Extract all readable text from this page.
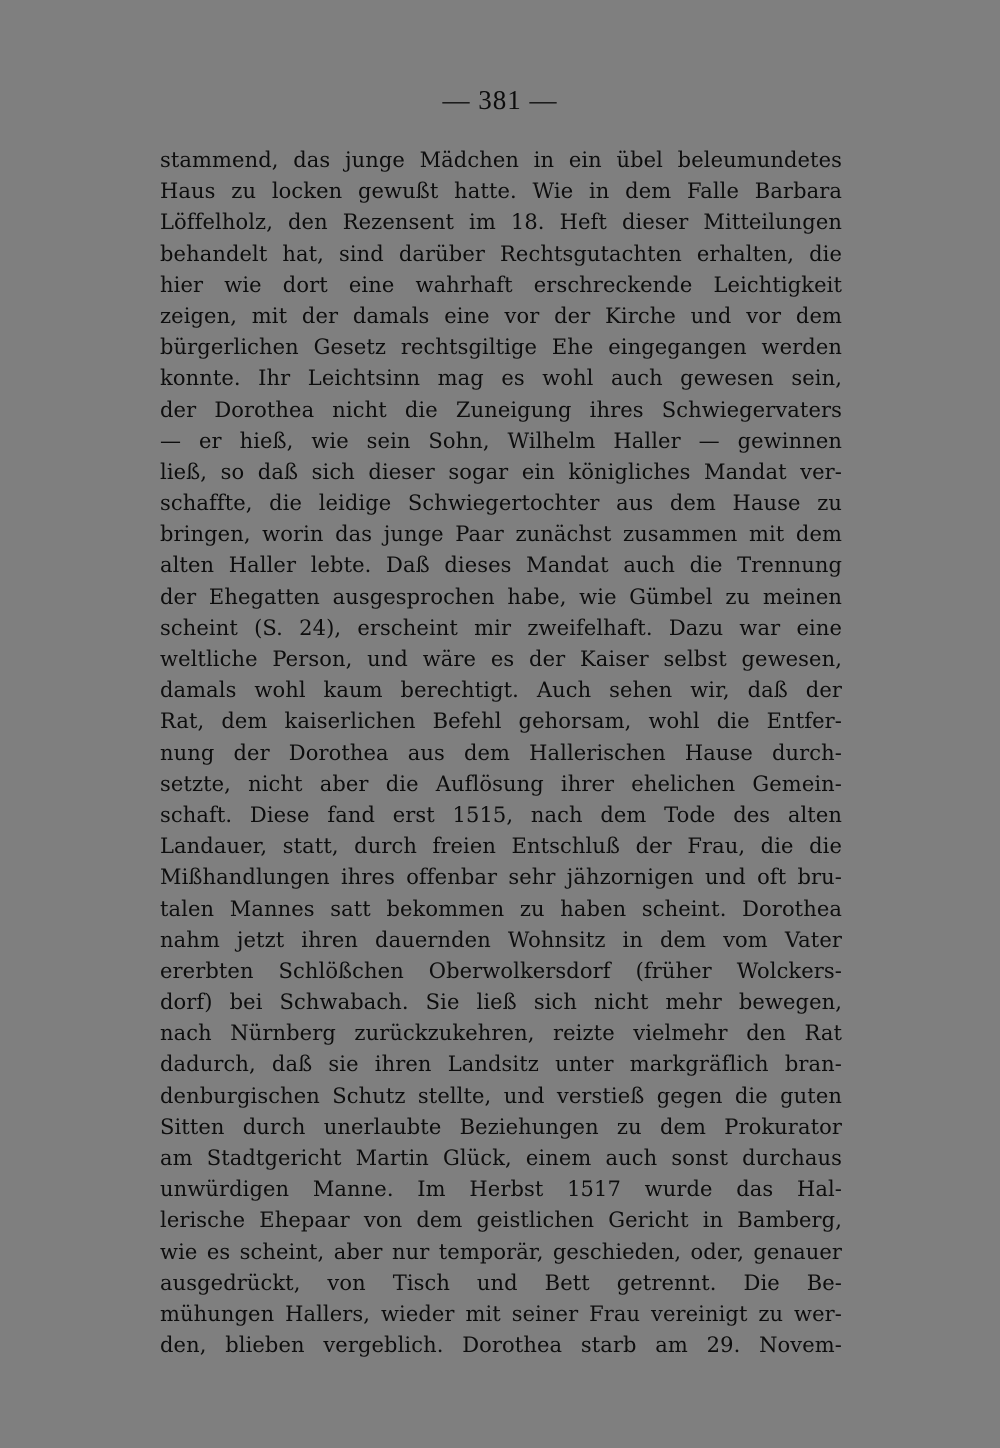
— 381 —
stammend, das junge Mädchen in ein übel beleumundetes
Haus zu locken gewußt hatte. Wie in dem Falle Barbara
Löffelholz, den Rezensent im 18. Heft dieser Mitteilungen
behandelt hat, sind darüber Rechtsgutachten erhalten, die
hier wie dort eine wahrhaft erschreckende Leichtigkeit
zeigen, mit der damals eine vor der Kirche und vor dem
bürgerlichen Gesetz rechtsgiltige Ehe eingegangen werden
konnte. Ihr Leichtsinn mag es wohl auch gewesen sein,
der Dorothea nicht die Zuneigung ihres Schwiegervaters
— er hieß, wie sein Sohn, Wilhelm Haller — gewinnen
ließ, so daß sich dieser sogar ein königliches Mandat ver-
schaffte, die leidige Schwiegertochter aus dem Hause zu
bringen, worin das junge Paar zunächst zusammen mit dem
alten Haller lebte. Daß dieses Mandat auch die Trennung
der Ehegatten ausgesprochen habe, wie Gümbel zu meinen
scheint (S. 24), erscheint mir zweifelhaft. Dazu war eine
weltliche Person, und wäre es der Kaiser selbst gewesen,
damals wohl kaum berechtigt. Auch sehen wir, daß der
Rat, dem kaiserlichen Befehl gehorsam, wohl die Entfer-
nung der Dorothea aus dem Hallerischen Hause durch-
setzte, nicht aber die Auflösung ihrer ehelichen Gemein-
schaft. Diese fand erst 1515, nach dem Tode des alten
Landauer, statt, durch freien Entschluß der Frau, die die
Mißhandlungen ihres offenbar sehr jähzornigen und oft bru-
talen Mannes satt bekommen zu haben scheint. Dorothea
nahm jetzt ihren dauernden Wohnsitz in dem vom Vater
ererbten Schlößchen Oberwolkersdorf (früher Wolckers-
dorf) bei Schwabach. Sie ließ sich nicht mehr bewegen,
nach Nürnberg zurückzukehren, reizte vielmehr den Rat
dadurch, daß sie ihren Landsitz unter markgräflich bran-
denburgischen Schutz stellte, und verstieß gegen die guten
Sitten durch unerlaubte Beziehungen zu dem Prokurator
am Stadtgericht Martin Glück, einem auch sonst durchaus
unwürdigen Manne. Im Herbst 1517 wurde das Hal-
lerische Ehepaar von dem geistlichen Gericht in Bamberg,
wie es scheint, aber nur temporär, geschieden, oder, genauer
ausgedrückt, von Tisch und Bett getrennt. Die Be-
mühungen Hallers, wieder mit seiner Frau vereinigt zu wer-
den, blieben vergeblich. Dorothea starb am 29. Novem-
